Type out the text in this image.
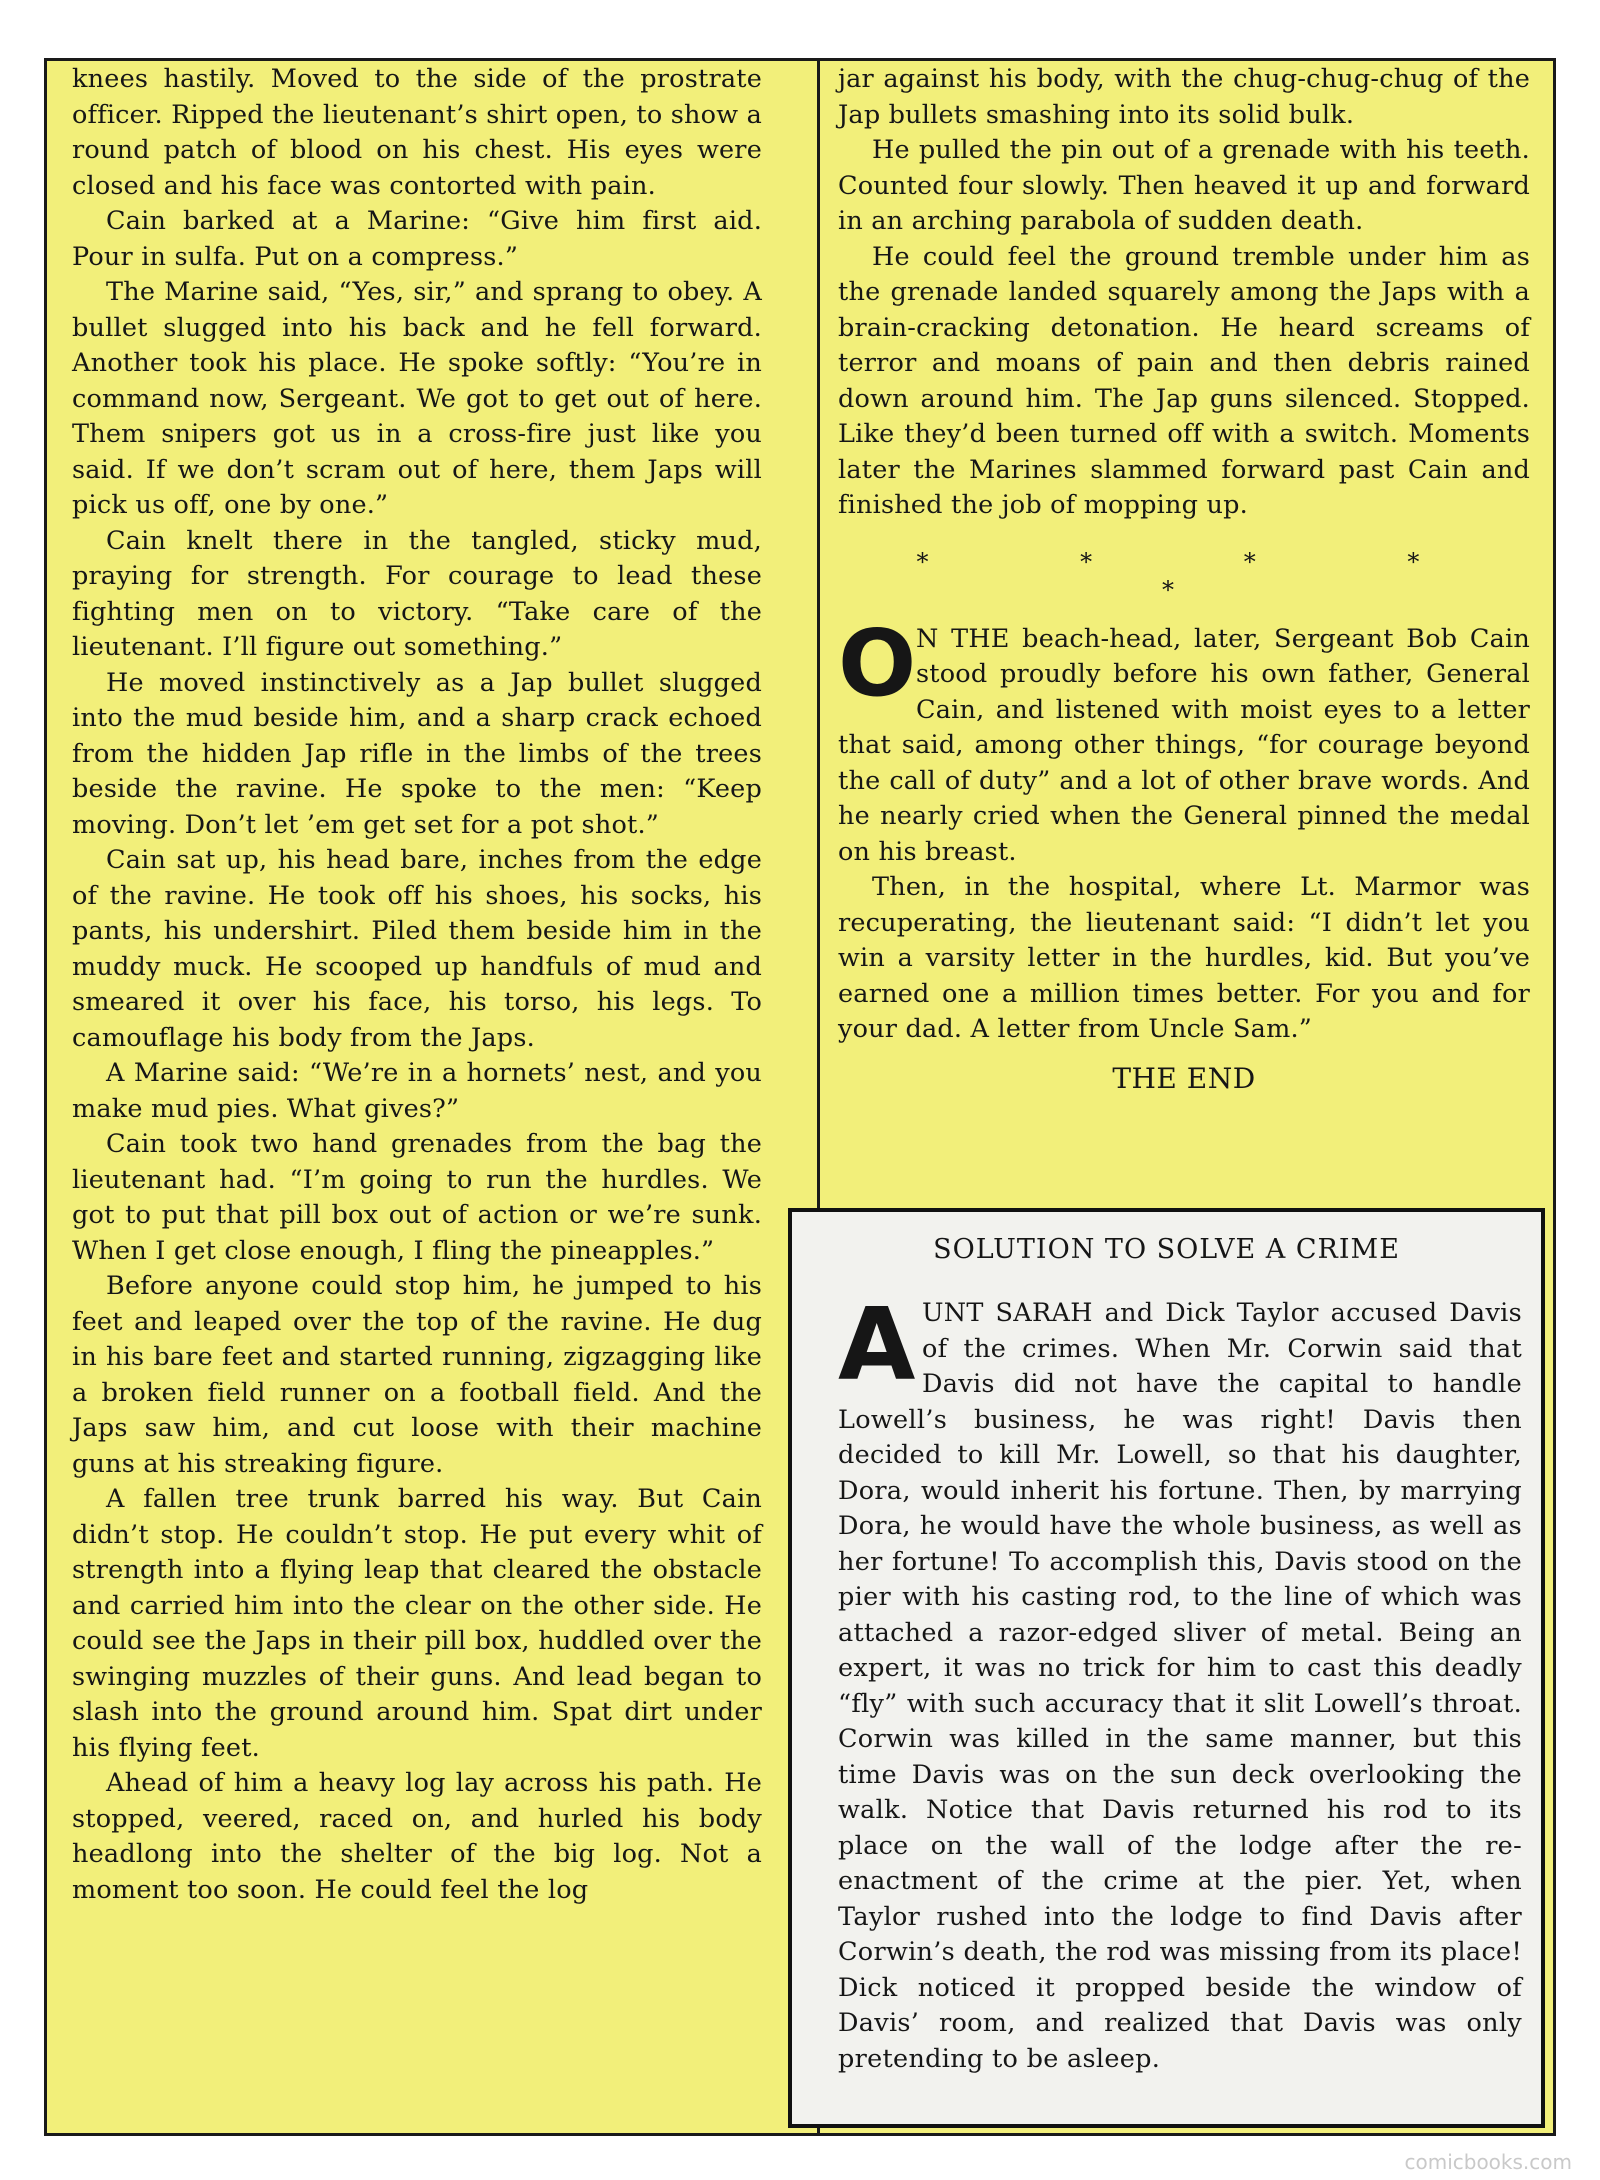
knees hastily. Moved to the side of the prostrate officer. Ripped the lieutenant’s shirt open, to show a round patch of blood on his chest. His eyes were closed and his face was contorted with pain.

Cain barked at a Marine: “Give him first aid. Pour in sulfa. Put on a compress.”

The Marine said, “Yes, sir,” and sprang to obey. A bullet slugged into his back and he fell forward. Another took his place. He spoke softly: “You’re in command now, Sergeant. We got to get out of here. Them snipers got us in a cross-fire just like you said. If we don’t scram out of here, them Japs will pick us off, one by one.”

Cain knelt there in the tangled, sticky mud, praying for strength. For courage to lead these fighting men on to victory. “Take care of the lieutenant. I’ll figure out something.”

He moved instinctively as a Jap bullet slugged into the mud beside him, and a sharp crack echoed from the hidden Jap rifle in the limbs of the trees beside the ravine. He spoke to the men: “Keep moving. Don’t let ’em get set for a pot shot.”

Cain sat up, his head bare, inches from the edge of the ravine. He took off his shoes, his socks, his pants, his undershirt. Piled them beside him in the muddy muck. He scooped up handfuls of mud and smeared it over his face, his torso, his legs. To camouflage his body from the Japs.

A Marine said: “We’re in a hornets’ nest, and you make mud pies. What gives?”

Cain took two hand grenades from the bag the lieutenant had. “I’m going to run the hurdles. We got to put that pill box out of action or we’re sunk. When I get close enough, I fling the pineapples.”

Before anyone could stop him, he jumped to his feet and leaped over the top of the ravine. He dug in his bare feet and started running, zigzagging like a broken field runner on a football field. And the Japs saw him, and cut loose with their machine guns at his streaking figure.

A fallen tree trunk barred his way. But Cain didn’t stop. He couldn’t stop. He put every whit of strength into a flying leap that cleared the obstacle and carried him into the clear on the other side. He could see the Japs in their pill box, huddled over the swinging muzzles of their guns. And lead began to slash into the ground around him. Spat dirt under his flying feet.

Ahead of him a heavy log lay across his path. He stopped, veered, raced on, and hurled his body headlong into the shelter of the big log. Not a moment too soon. He could feel the log

jar against his body, with the chug-chug-chug of the Jap bullets smashing into its solid bulk.

He pulled the pin out of a grenade with his teeth. Counted four slowly. Then heaved it up and forward in an arching parabola of sudden death.

He could feel the ground tremble under him as the grenade landed squarely among the Japs with a brain-cracking detonation. He heard screams of terror and moans of pain and then debris rained down around him. The Jap guns silenced. Stopped. Like they’d been turned off with a switch. Moments later the Marines slammed forward past Cain and finished the job of mopping up.

* * * * *

O N THE beach-head, later, Sergeant Bob Cain stood proudly before his own father, General Cain, and listened with moist eyes to a letter that said, among other things, “for courage beyond the call of duty” and a lot of other brave words. And he nearly cried when the General pinned the medal on his breast.

Then, in the hospital, where Lt. Marmor was recuperating, the lieutenant said: “I didn’t let you win a varsity letter in the hurdles, kid. But you’ve earned one a million times better. For you and for your dad. A letter from Uncle Sam.”

THE END
SOLUTION TO SOLVE A CRIME

AUNT SARAH and Dick Taylor accused Davis of the crimes. When Mr. Corwin said that Davis did not have the capital to handle Lowell’s business, he was right! Davis then decided to kill Mr. Lowell, so that his daughter, Dora, would inherit his fortune. Then, by marrying Dora, he would have the whole business, as well as her fortune! To accomplish this, Davis stood on the pier with his casting rod, to the line of which was attached a razor-edged sliver of metal. Being an expert, it was no trick for him to cast this deadly “fly” with such accuracy that it slit Lowell’s throat. Corwin was killed in the same manner, but this time Davis was on the sun deck overlooking the walk. Notice that Davis returned his rod to its place on the wall of the lodge after the re-enactment of the crime at the pier. Yet, when Taylor rushed into the lodge to find Davis after Corwin’s death, the rod was missing from its place! Dick noticed it propped beside the window of Davis’ room, and realized that Davis was only pretending to be asleep.

comicbooks.com
